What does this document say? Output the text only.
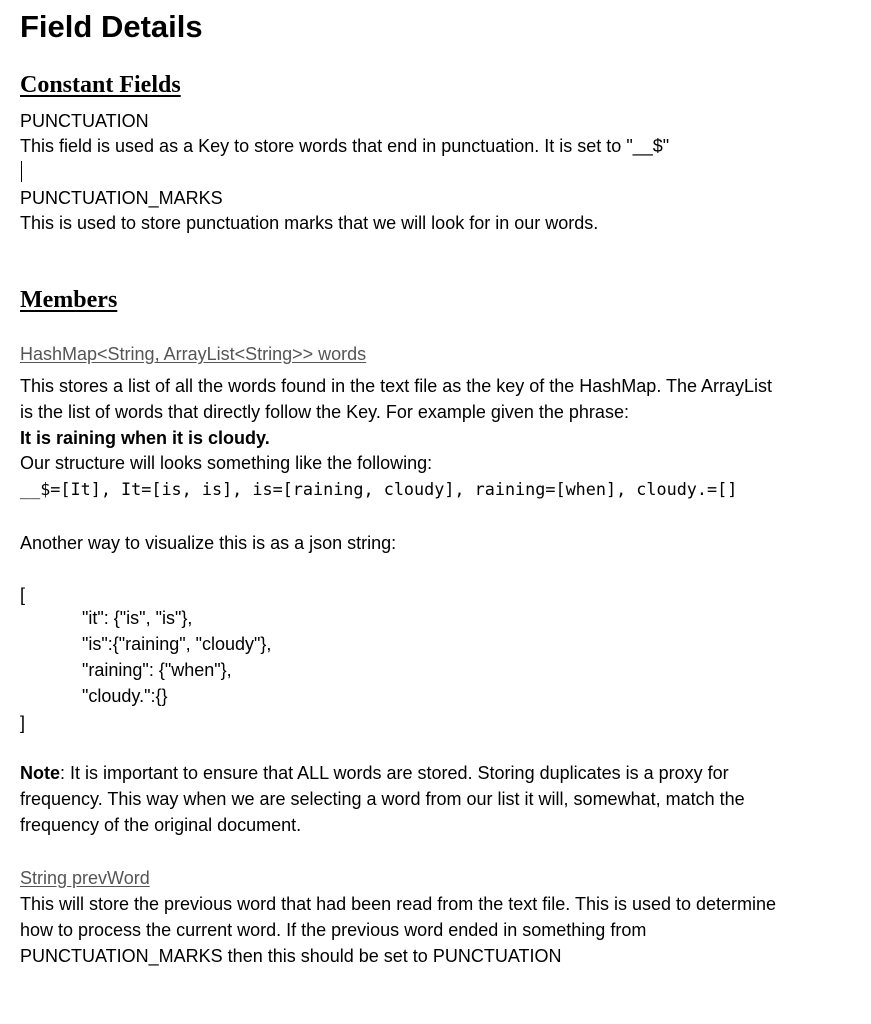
Field Details
Constant Fields
PUNCTUATION
This field is used as a Key to store words that end in punctuation. It is set to "__$"
PUNCTUATION_MARKS
This is used to store punctuation marks that we will look for in our words.
Members
HashMap<String, ArrayList<String>> words
This stores a list of all the words found in the text file as the key of the HashMap. The ArrayList
is the list of words that directly follow the Key. For example given the phrase:
It is raining when it is cloudy.
Our structure will looks something like the following:
__$=[It], It=[is, is], is=[raining, cloudy], raining=[when], cloudy.=[]
Another way to visualize this is as a json string:
[
"it": {"is", "is"},
"is":{"raining", "cloudy"},
"raining": {"when"},
"cloudy.":{}
]
Note: It is important to ensure that ALL words are stored. Storing duplicates is a proxy for
frequency. This way when we are selecting a word from our list it will, somewhat, match the
frequency of the original document.
String prevWord
This will store the previous word that had been read from the text file. This is used to determine
how to process the current word. If the previous word ended in something from
PUNCTUATION_MARKS then this should be set to PUNCTUATION
